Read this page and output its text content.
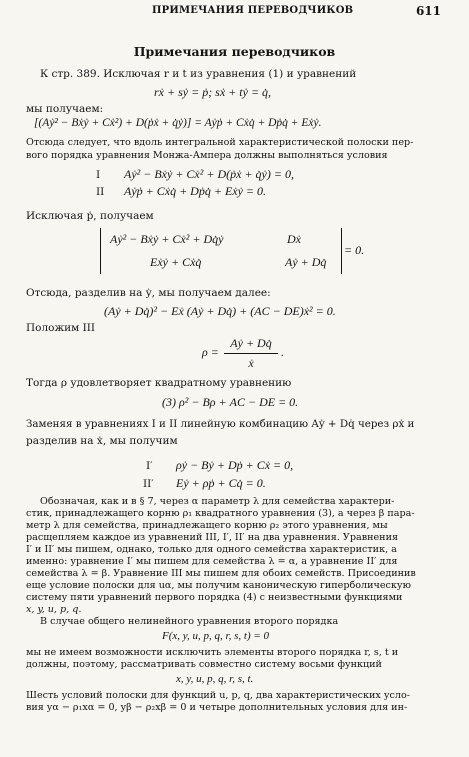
ПРИМЕЧАНИЯ ПЕРЕВОДЧИКОВ	611
Примечания переводчиков
К стр. 389. Исключая r и t из уравнения (1) и уравнений
rẋ + sẏ = ṗ; sẋ + tẏ = q̇,
мы получаем:
[(Aẏ² − Bẋẏ + Cẋ²) + D(ṗẋ + q̇ẏ)] = Aẏṗ + Cẋq̇ + Dṗq̇ + Eẋẏ.
Отсюда следует, что вдоль интегральной характеристической полоски пер-
вого порядка уравнения Монжа-Ампера должны выполняться условия
I Aẏ² − Bẋẏ + Cẋ² + D(ṗẋ + q̇ẏ) = 0,
II Aẏṗ + Cẋq̇ + Dṗq̇ + Eẋẏ = 0.
Исключая ṗ, получаем
Aẏ² − Bẋẏ + Cẋ² + Dq̇ẏ	Dẋ
Eẋẏ + Cẋq̇	Aẏ + Dq̇
= 0.
Отсюда, разделив на ẏ, мы получаем далее:
(Aẏ + Dq̇)² − Eẋ (Aẏ + Dq̇) + (AC − DE)ẋ² = 0.
Положим III
ρ =
Aẏ + Dq̇
ẋ
.
Тогда ρ удовлетворяет квадратному уравнению
(3) ρ² − Bρ + AC − DE = 0.
Заменяя в уравнениях I и II линейную комбинацию Aẏ + Dq̇ через ρẋ и
разделив на ẋ, мы получим
I′ ρẏ − Bẏ + Dṗ + Cẋ = 0,
II′ Eẏ + ρṗ + Cq̇ = 0.
Обозначая, как и в § 7, через α параметр λ для семейства характери-
стик, принадлежащего корню ρ₁ квадратного уравнения (3), а через β пара-
метр λ для семейства, принадлежащего корню ρ₂ этого уравнения, мы
расщепляем каждое из уравнений III, I′, II′ на два уравнения. Уравнения
I′ и II′ мы пишем, однако, только для одного семейства характеристик, а
именно: уравнение I′ мы пишем для семейства λ = α, а уравнение II′ для
семейства λ = β. Уравнение III мы пишем для обоих семейств. Присоединив
еще условие полоски для uα, мы получим каноническую гиперболическую
систему пяти уравнений первого порядка (4) с неизвестными функциями
x, y, u, p, q.
В случае общего нелинейного уравнения второго порядка
F(x, y, u, p, q, r, s, t) = 0
мы не имеем возможности исключить элементы второго порядка r, s, t и
должны, поэтому, рассматривать совместно систему восьми функций
x, y, u, p, q, r, s, t.
Шесть условий полоски для функций u, p, q, два характеристических усло-
вия yα − ρ₁xα = 0, yβ − ρ₂xβ = 0 и четыре дополнительных условия для ин-
